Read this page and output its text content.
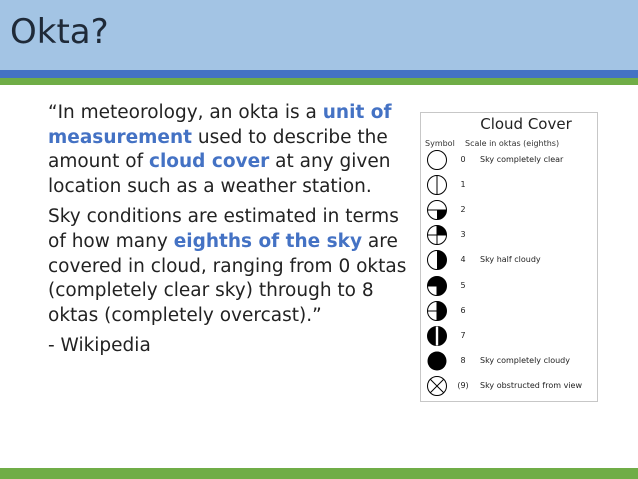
Okta?

“In meteorology, an okta is a unit of measurement used to describe the amount of cloud cover at any given location such as a weather station.

Sky conditions are estimated in terms of how many eighths of the sky are covered in cloud, ranging from 0 oktas (completely clear sky) through to 8 oktas (completely overcast).”

- Wikipedia

Cloud Cover
Symbol Scale in oktas (eighths)
0	Sky completely clear
1
2
3
4	Sky half cloudy
5
6
7
8	Sky completely cloudy
(9)	Sky obstructed from view
